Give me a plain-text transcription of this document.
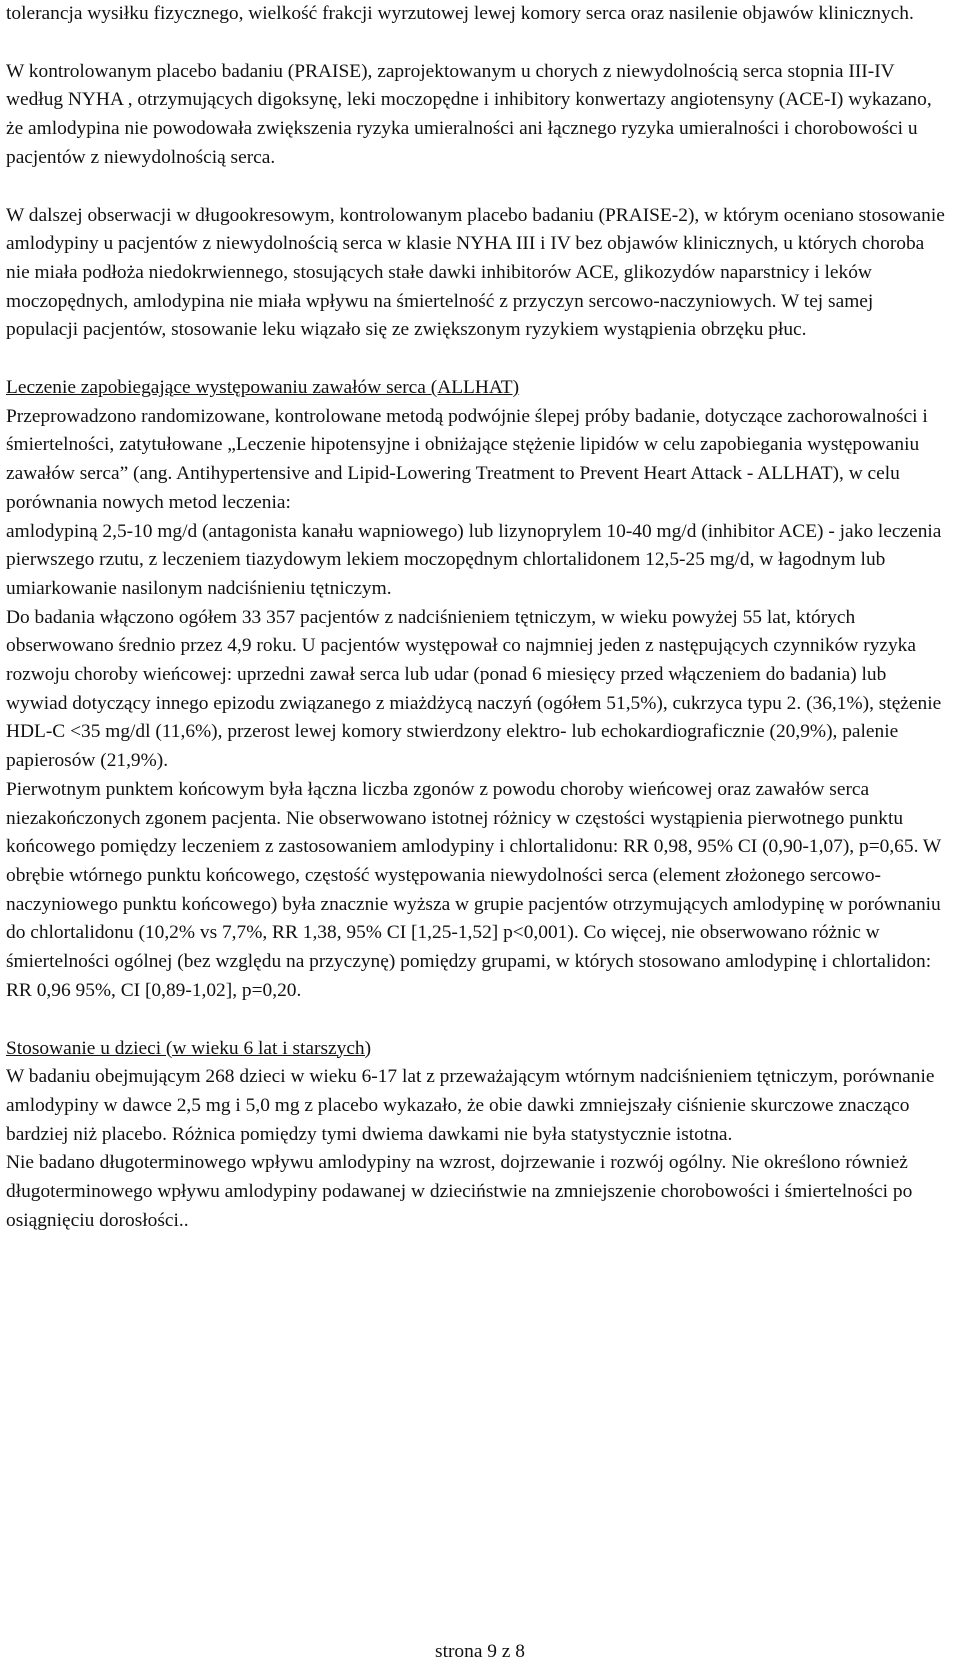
tolerancja wysiłku fizycznego, wielkość frakcji wyrzutowej lewej komory serca oraz nasilenie objawów klinicznych.

W kontrolowanym placebo badaniu (PRAISE), zaprojektowanym u chorych z niewydolnością serca stopnia III-IV według NYHA , otrzymujących digoksynę, leki moczopędne i inhibitory konwertazy angiotensyny (ACE-I) wykazano, że amlodypina nie powodowała zwiększenia ryzyka umieralności ani łącznego ryzyka umieralności i chorobowości u pacjentów z niewydolnością serca.

W dalszej obserwacji w długookresowym, kontrolowanym placebo badaniu (PRAISE-2), w którym oceniano stosowanie amlodypiny u pacjentów z niewydolnością serca w klasie NYHA III i IV bez objawów klinicznych, u których choroba nie miała podłoża niedokrwiennego, stosujących stałe dawki inhibitorów ACE, glikozydów naparstnicy i leków moczopędnych, amlodypina nie miała wpływu na śmiertelność z przyczyn sercowo-naczyniowych. W tej samej populacji pacjentów, stosowanie leku wiązało się ze zwiększonym ryzykiem wystąpienia obrzęku płuc.

Leczenie zapobiegające występowaniu zawałów serca (ALLHAT)

Przeprowadzono randomizowane, kontrolowane metodą podwójnie ślepej próby badanie, dotyczące zachorowalności i śmiertelności, zatytułowane „Leczenie hipotensyjne i obniżające stężenie lipidów w celu zapobiegania występowaniu zawałów serca” (ang. Antihypertensive and Lipid-Lowering Treatment to Prevent Heart Attack - ALLHAT), w celu porównania nowych metod leczenia:

amlodypiną 2,5-10 mg/d (antagonista kanału wapniowego) lub lizynoprylem 10-40 mg/d (inhibitor ACE) - jako leczenia pierwszego rzutu, z leczeniem tiazydowym lekiem moczopędnym chlortalidonem 12,5-25 mg/d, w łagodnym lub umiarkowanie nasilonym nadciśnieniu tętniczym.

Do badania włączono ogółem 33 357 pacjentów z nadciśnieniem tętniczym, w wieku powyżej 55 lat, których obserwowano średnio przez 4,9 roku. U pacjentów występował co najmniej jeden z następujących czynników ryzyka rozwoju choroby wieńcowej: uprzedni zawał serca lub udar (ponad 6 miesięcy przed włączeniem do badania) lub wywiad dotyczący innego epizodu związanego z miażdżycą naczyń (ogółem 51,5%), cukrzyca typu 2. (36,1%), stężenie HDL-C <35 mg/dl (11,6%), przerost lewej komory stwierdzony elektro- lub echokardiograficznie (20,9%), palenie papierosów (21,9%).

Pierwotnym punktem końcowym była łączna liczba zgonów z powodu choroby wieńcowej oraz zawałów serca niezakończonych zgonem pacjenta. Nie obserwowano istotnej różnicy w częstości wystąpienia pierwotnego punktu końcowego pomiędzy leczeniem z zastosowaniem amlodypiny i chlortalidonu: RR 0,98, 95% CI (0,90-1,07), p=0,65. W obrębie wtórnego punktu końcowego, częstość występowania niewydolności serca (element złożonego sercowo-naczyniowego punktu końcowego) była znacznie wyższa w grupie pacjentów otrzymujących amlodypinę w porównaniu do chlortalidonu (10,2% vs 7,7%, RR 1,38, 95% CI [1,25-1,52] p<0,001). Co więcej, nie obserwowano różnic w śmiertelności ogólnej (bez względu na przyczynę) pomiędzy grupami, w których stosowano amlodypinę i chlortalidon: RR 0,96 95%, CI [0,89-1,02], p=0,20.

Stosowanie u dzieci (w wieku 6 lat i starszych)

W badaniu obejmującym 268 dzieci w wieku 6-17 lat z przeważającym wtórnym nadciśnieniem tętniczym, porównanie amlodypiny w dawce 2,5 mg i 5,0 mg z placebo wykazało, że obie dawki zmniejszały ciśnienie skurczowe znacząco bardziej niż placebo. Różnica pomiędzy tymi dwiema dawkami nie była statystycznie istotna.

Nie badano długoterminowego wpływu amlodypiny na wzrost, dojrzewanie i rozwój ogólny. Nie określono również długoterminowego wpływu amlodypiny podawanej w dzieciństwie na zmniejszenie chorobowości i śmiertelności po osiągnięciu dorosłości..

strona 9 z 8
